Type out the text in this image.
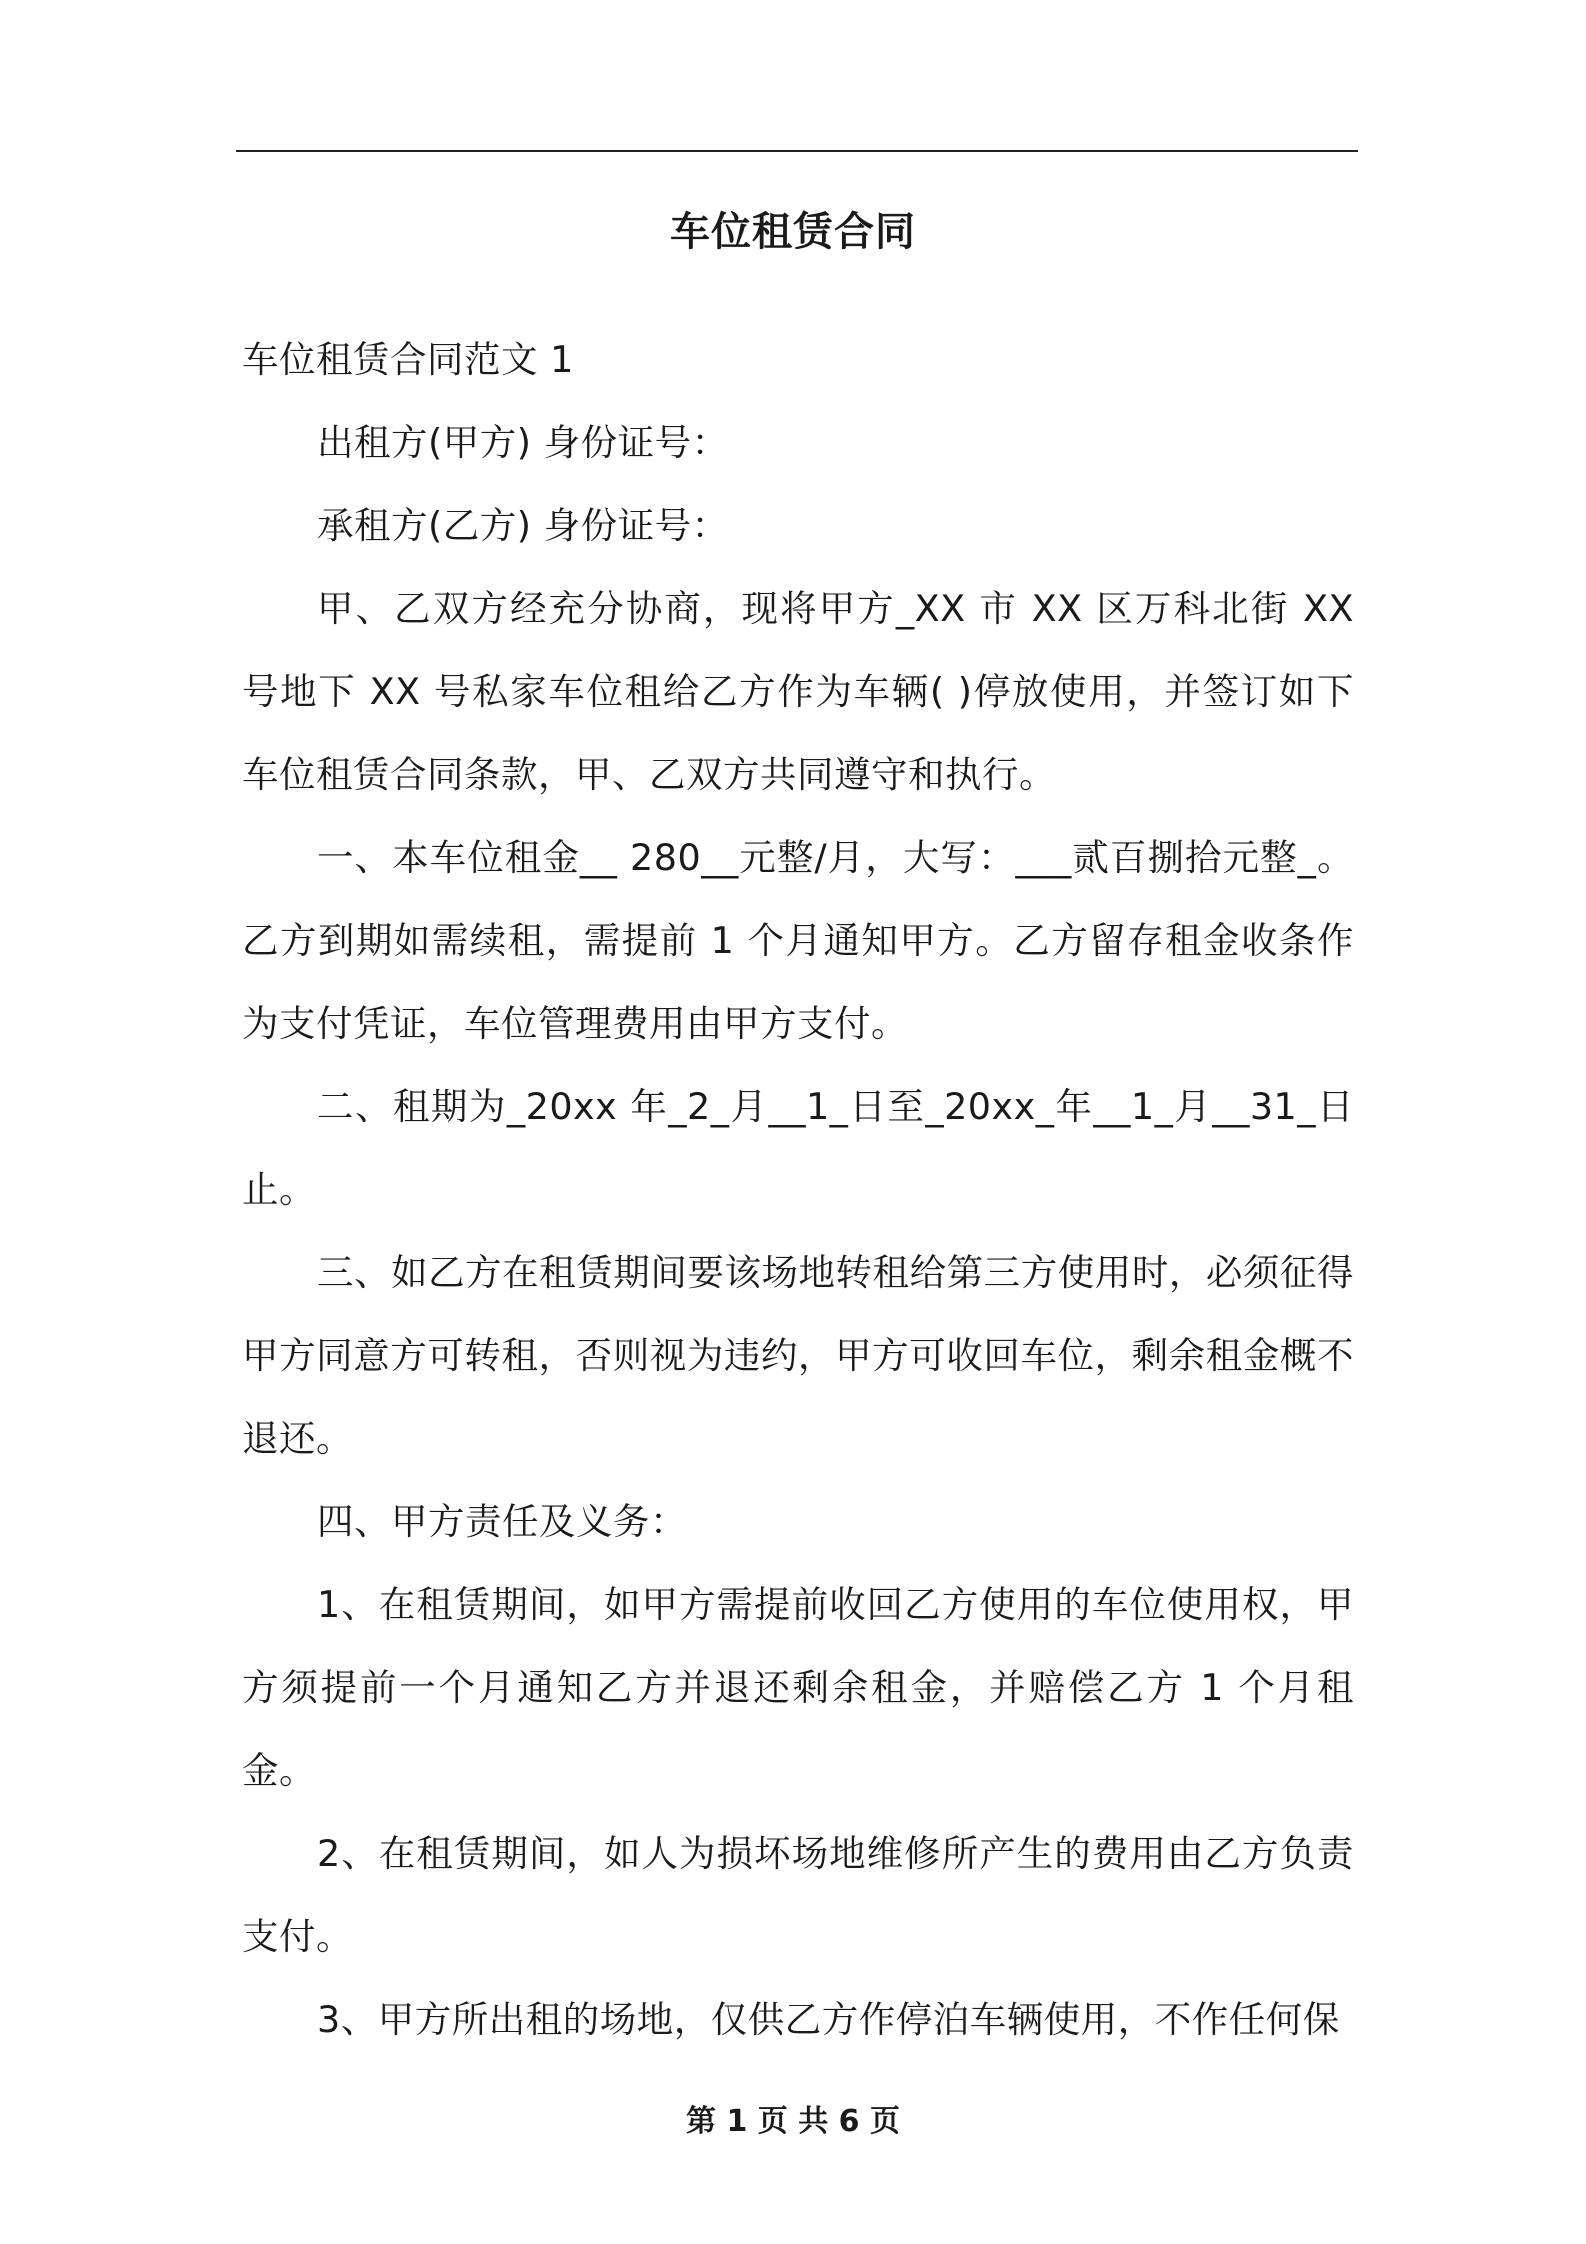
车位租赁合同

车位租赁合同范文 1

出租方(甲方) 身份证号：

承租方(乙方) 身份证号：

甲、乙双方经充分协商，现将甲方_XX 市 XX 区万科北街 XX 号地下 XX 号私家车位租给乙方作为车辆( )停放使用，并签订如下车位租赁合同条款，甲、乙双方共同遵守和执行。

一、本车位租金__ 280__元整/月，大写：___贰百捌拾元整_。乙方到期如需续租，需提前 1 个月通知甲方。乙方留存租金收条作为支付凭证，车位管理费用由甲方支付。

二、租期为_20xx 年_2_月__1_日至_20xx_年__1_月__31_日止。

三、如乙方在租赁期间要该场地转租给第三方使用时，必须征得甲方同意方可转租，否则视为违约，甲方可收回车位，剩余租金概不退还。

四、甲方责任及义务：

1、在租赁期间，如甲方需提前收回乙方使用的车位使用权，甲方须提前一个月通知乙方并退还剩余租金，并赔偿乙方 1 个月租金。

2、在租赁期间，如人为损坏场地维修所产生的费用由乙方负责支付。

3、甲方所出租的场地，仅供乙方作停泊车辆使用，不作任何保

第 1 页 共 6 页
